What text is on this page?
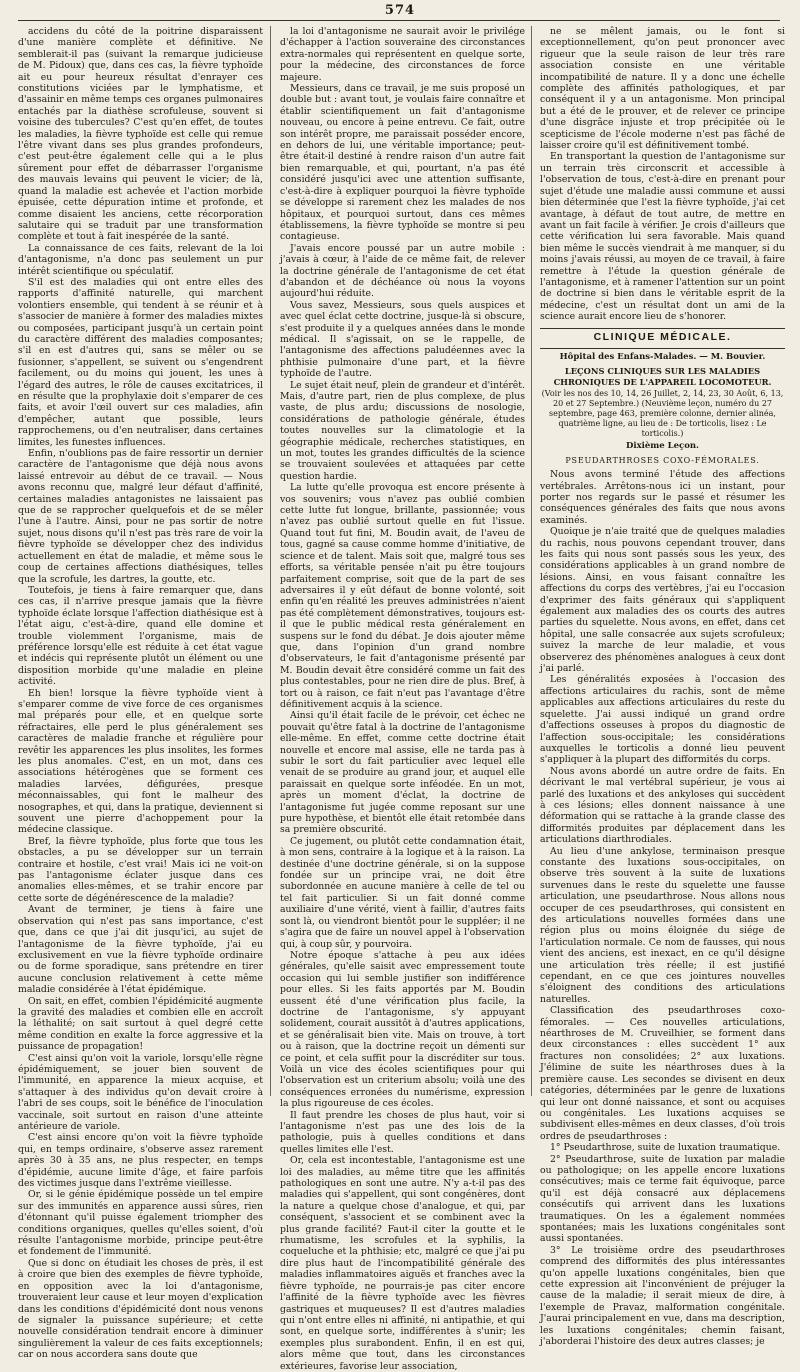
574

accidens du côté de la poitrine disparaissent d'une manière complète et définitive. Ne semblerait-il pas (suivant la remarque judicieuse de M. Pidoux) que, dans ces cas, la fièvre typhoïde ait eu pour heureux résultat d'enrayer ces constitutions viciées par le lymphatisme, et d'assainir en même temps ces organes pulmonaires entachés par la diathèse scrofuleuse, souvent si voisine des tubercules? C'est qu'en effet, de toutes les maladies, la fièvre typhoïde est celle qui remue l'être vivant dans ses plus grandes profondeurs, c'est peut-être également celle qui a le plus sûrement pour effet de débarrasser l'organisme des mauvais levains qui peuvent le vicier; de là, quand la maladie est achevée et l'action morbide épuisée, cette dépuration intime et profonde, et comme disaient les anciens, cette récorporation salutaire qui se traduit par une transformation complète et tout à fait inespérée de la santé.

La connaissance de ces faits, relevant de la loi d'antagonisme, n'a donc pas seulement un pur intérêt scientifique ou spéculatif.

S'il est des maladies qui ont entre elles des rapports d'affinité naturelle, qui marchent volontiers ensemble, qui tendent à se réunir et à s'associer de manière à former des maladies mixtes ou composées, participant jusqu'à un certain point du caractère différent des maladies composantes; s'il en est d'autres qui, sans se mêler ou se fusionner, s'appellent, se suivent ou s'engendrent facilement, ou du moins qui jouent, les unes à l'égard des autres, le rôle de causes excitatrices, il en résulte que la prophylaxie doit s'emparer de ces faits, et avoir l'œil ouvert sur ces maladies, afin d'empêcher, autant que possible, leurs rapprochemens, ou d'en neutraliser, dans certaines limites, les funestes influences.

Enfin, n'oublions pas de faire ressortir un dernier caractère de l'antagonisme que déjà nous avons laissé entrevoir au début de ce travail. — Nous avons reconnu que, malgré leur défaut d'affinité, certaines maladies antagonistes ne laissaient pas que de se rapprocher quelquefois et de se mêler l'une à l'autre. Ainsi, pour ne pas sortir de notre sujet, nous disons qu'il n'est pas très rare de voir la fièvre typhoïde se développer chez des individus actuellement en état de maladie, et même sous le coup de certaines affections diathésiques, telles que la scrofule, les dartres, la goutte, etc.

Toutefois, je tiens à faire remarquer que, dans ces cas, il n'arrive presque jamais que la fièvre typhoïde éclate lorsque l'affection diathésique est à l'état aigu, c'est-à-dire, quand elle domine et trouble violemment l'organisme, mais de préférence lorsqu'elle est réduite à cet état vague et indécis qui représente plutôt un élément ou une disposition morbide qu'une maladie en pleine activité.

Eh bien! lorsque la fièvre typhoïde vient à s'emparer comme de vive force de ces organismes mal préparés pour elle, et en quelque sorte réfractaires, elle perd le plus généralement ses caractères de maladie franche et régulière pour revêtir les apparences les plus insolites, les formes les plus anomales. C'est, en un mot, dans ces associations hétérogènes que se forment ces maladies larvées, défigurées, presque méconnaissables, qui font le malheur des nosographes, et qui, dans la pratique, deviennent si souvent une pierre d'achoppement pour la médecine classique.

Bref, la fièvre typhoïde, plus forte que tous les obstacles, a pu se développer sur un terrain contraire et hostile, c'est vrai! Mais ici ne voit-on pas l'antagonisme éclater jusque dans ces anomalies elles-mêmes, et se trahir encore par cette sorte de dégénérescence de la maladie?

Avant de terminer, je tiens à faire une observation qui n'est pas sans importance, c'est que, dans ce que j'ai dit jusqu'ici, au sujet de l'antagonisme de la fièvre typhoïde, j'ai eu exclusivement en vue la fièvre typhoïde ordinaire ou de forme sporadique, sans prétendre en tirer aucune conclusion relativement à cette même maladie considérée à l'état épidémique.

On sait, en effet, combien l'épidémicité augmente la gravité des maladies et combien elle en accroît la léthalité; on sait surtout à quel degré cette même condition en exalte la force aggressive et la puissance de propagation!

C'est ainsi qu'on voit la variole, lorsqu'elle règne épidémiquement, se jouer bien souvent de l'immunité, en apparence la mieux acquise, et s'attaquer à des individus qu'on devait croire à l'abri de ses coups, soit le bénéfice de l'inoculation vaccinale, soit surtout en raison d'une atteinte antérieure de variole.

C'est ainsi encore qu'on voit la fièvre typhoïde qui, en temps ordinaire, s'observe assez rarement après 30 à 35 ans, ne plus respecter, en temps d'épidémie, aucune limite d'âge, et faire parfois des victimes jusque dans l'extrême vieillesse.

Or, si le génie épidémique possède un tel empire sur des immunités en apparence aussi sûres, rien d'étonnant qu'il puisse également triompher des conditions organiques, quelles qu'elles soient, d'où résulte l'antagonisme morbide, principe peut-être et fondement de l'immunité.

Que si donc on étudiait les choses de près, il est à croire que bien des exemples de fièvre typhoïde, en opposition avec la loi d'antagonisme, trouveraient leur cause et leur moyen d'explication dans les conditions d'épidémicité dont nous venons de signaler la puissance supérieure; et cette nouvelle considération tendrait encore à diminuer singulièrement la valeur de ces faits exceptionnels; car on nous accordera sans doute que

la loi d'antagonisme ne saurait avoir le privilége d'échapper à l'action souveraine des circonstances extra-normales qui représentent en quelque sorte, pour la médecine, des circonstances de force majeure.

Messieurs, dans ce travail, je me suis proposé un double but : avant tout, je voulais faire connaître et établir scientifiquement un fait d'antagonisme nouveau, ou encore à peine entrevu. Ce fait, outre son intérêt propre, me paraissait posséder encore, en dehors de lui, une véritable importance; peut-être était-il destiné à rendre raison d'un autre fait bien remarquable, et qui, pourtant, n'a pas été considéré jusqu'ici avec une attention suffisante, c'est-à-dire à expliquer pourquoi la fièvre typhoïde se développe si rarement chez les malades de nos hôpitaux, et pourquoi surtout, dans ces mêmes établissemens, la fièvre typhoïde se montre si peu contagieuse.

J'avais encore poussé par un autre mobile : j'avais à cœur, à l'aide de ce même fait, de relever la doctrine générale de l'antagonisme de cet état d'abandon et de déchéance où nous la voyons aujourd'hui réduite.

Vous savez, Messieurs, sous quels auspices et avec quel éclat cette doctrine, jusque-là si obscure, s'est produite il y a quelques années dans le monde médical. Il s'agissait, on se le rappelle, de l'antagonisme des affections paludéennes avec la phthisie pulmonaire d'une part, et la fièvre typhoïde de l'autre.

Le sujet était neuf, plein de grandeur et d'intérêt. Mais, d'autre part, rien de plus complexe, de plus vaste, de plus ardu; discussions de nosologie, considérations de pathologie générale, études toutes nouvelles sur la climatologie et la géographie médicale, recherches statistiques, en un mot, toutes les grandes difficultés de la science se trouvaient soulevées et attaquées par cette question hardie.

La lutte qu'elle provoqua est encore présente à vos souvenirs; vous n'avez pas oublié combien cette lutte fut longue, brillante, passionnée; vous n'avez pas oublié surtout quelle en fut l'issue. Quand tout fut fini, M. Boudin avait, de l'aveu de tous, gagné sa cause comme homme d'initiative, de science et de talent. Mais soit que, malgré tous ses efforts, sa véritable pensée n'ait pu être toujours parfaitement comprise, soit que de la part de ses adversaires il y eût défaut de bonne volonté, soit enfin qu'en réalité les preuves administrées n'aient pas été complètement démonstratives, toujours est-il que le public médical resta généralement en suspens sur le fond du débat. Je dois ajouter même que, dans l'opinion d'un grand nombre d'observateurs, le fait d'antagonisme présenté par M. Boudin devait être considéré comme un fait des plus contestables, pour ne rien dire de plus. Bref, à tort ou à raison, ce fait n'eut pas l'avantage d'être définitivement acquis à la science.

Ainsi qu'il était facile de le prévoir, cet échec ne pouvait qu'être fatal à la doctrine de l'antagonisme elle-même. En effet, comme cette doctrine était nouvelle et encore mal assise, elle ne tarda pas à subir le sort du fait particulier avec lequel elle venait de se produire au grand jour, et auquel elle paraissait en quelque sorte inféodée. En un mot, après un moment d'éclat, la doctrine de l'antagonisme fut jugée comme reposant sur une pure hypothèse, et bientôt elle était retombée dans sa première obscurité.

Ce jugement, ou plutôt cette condamnation était, à mon sens, contraire à la logique et à la raison. La destinée d'une doctrine générale, si on la suppose fondée sur un principe vrai, ne doit être subordonnée en aucune manière à celle de tel ou tel fait particulier. Si un fait donné comme auxiliaire d'une vérité, vient à faillir, d'autres faits sont là, ou viendront bientôt pour le suppléer; il ne s'agira que de faire un nouvel appel à l'observation qui, à coup sûr, y pourvoira.

Notre époque s'attache à peu aux idées générales, qu'elle saisit avec empressement toute occasion qui lui semble justifier son indifférence pour elles. Si les faits apportés par M. Boudin eussent été d'une vérification plus facile, la doctrine de l'antagonisme, s'y appuyant solidement, courait aussitôt à d'autres applications, et se généralisait bien vite. Mais on trouve, à tort ou à raison, que la doctrine reçoit un démenti sur ce point, et cela suffit pour la discréditer sur tous. Voilà un vice des écoles scientifiques pour qui l'observation est un criterium absolu; voilà une des conséquences erronées du numérisme, expression la plus rigoureuse de ces écoles.

Il faut prendre les choses de plus haut, voir si l'antagonisme n'est pas une des lois de la pathologie, puis à quelles conditions et dans quelles limites elle l'est.

Or, cela est incontestable, l'antagonisme est une loi des maladies, au même titre que les affinités pathologiques en sont une autre. N'y a-t-il pas des maladies qui s'appellent, qui sont congénères, dont la nature a quelque chose d'analogue, et qui, par conséquent, s'associent et se combinent avec la plus grande facilité? Faut-il citer la goutte et le rhumatisme, les scrofules et la syphilis, la coqueluche et la phthisie; etc, malgré ce que j'ai pu dire plus haut de l'incompatibilité générale des maladies inflammatoires aiguës et franches avec la fièvre typhoïde, ne pourrais-je pas citer encore l'affinité de la fièvre typhoïde avec les fièvres gastriques et muqueuses? Il est d'autres maladies qui n'ont entre elles ni affinité, ni antipathie, et qui sont, en quelque sorte, indifférentes à s'unir; les exemples plus surabondent. Enfin, il en est qui, alors même que tout, dans les circonstances extérieures, favorise leur association,

ne se mêlent jamais, ou le font si exceptionnellement, qu'on peut prononcer avec rigueur que la seule raison de leur très rare association consiste en une véritable incompatibilité de nature. Il y a donc une échelle complète des affinités pathologiques, et par conséquent il y a un antagonisme. Mon principal but a été de le prouver, et de relever ce principe d'une disgrâce injuste et trop précipitée où le scepticisme de l'école moderne n'est pas fâché de laisser croire qu'il est définitivement tombé.

En transportant la question de l'antagonisme sur un terrain très circonscrit et accessible à l'observation de tous, c'est-à-dire en prenant pour sujet d'étude une maladie aussi commune et aussi bien déterminée que l'est la fièvre typhoïde, j'ai cet avantage, à défaut de tout autre, de mettre en avant un fait facile à vérifier. Je crois d'ailleurs que cette vérification lui sera favorable. Mais quand bien même le succès viendrait à me manquer, si du moins j'avais réussi, au moyen de ce travail, à faire remettre à l'étude la question générale de l'antagonisme, et à ramener l'attention sur un point de doctrine si bien dans le véritable esprit de la médecine, c'est un résultat dont un ami de la science aurait encore lieu de s'honorer.

CLINIQUE MÉDICALE.
Hôpital des Enfans-Malades. — M. Bouvier.
LEÇONS CLINIQUES SUR LES MALADIES CHRONIQUES DE L'APPAREIL LOCOMOTEUR.
(Voir les nos des 10, 14, 26 Juillet, 2, 14, 23, 30 Août, 6, 13, 20 et 27 Septembre.) (Neuvième leçon, numéro du 27 septembre, page 463, première colonne, dernier alinéa, quatrième ligne, au lieu de : De torticolis, lisez : Le torticolis.)
Dixième Leçon.
PSEUDARTHROSES COXO-FÉMORALES.

Nous avons terminé l'étude des affections vertébrales. Arrêtons-nous ici un instant, pour porter nos regards sur le passé et résumer les conséquences générales des faits que nous avons examinés.

Quoique je n'aie traité que de quelques maladies du rachis, nous pouvons cependant trouver, dans les faits qui nous sont passés sous les yeux, des considérations applicables à un grand nombre de lésions. Ainsi, en vous faisant connaître les affections du corps des vertèbres, j'ai eu l'occasion d'exprimer des faits généraux qui s'appliquent également aux maladies des os courts des autres parties du squelette. Nous avons, en effet, dans cet hôpital, une salle consacrée aux sujets scrofuleux; suivez la marche de leur maladie, et vous observerez des phénomènes analogues à ceux dont j'ai parlé.

Les généralités exposées à l'occasion des affections articulaires du rachis, sont de même applicables aux affections articulaires du reste du squelette. J'ai aussi indiqué un grand ordre d'affections osseuses à propos du diagnostic de l'affection sous-occipitale; les considérations auxquelles le torticolis a donné lieu peuvent s'appliquer à la plupart des difformités du corps.

Nous avons abordé un autre ordre de faits. En décrivant le mal vertébral supérieur, je vous ai parlé des luxations et des ankyloses qui succèdent à ces lésions; elles donnent naissance à une déformation qui se rattache à la grande classe des difformités produites par déplacement dans les articulations diarthrodiales.

Au lieu d'une ankylose, terminaison presque constante des luxations sous-occipitales, on observe très souvent à la suite de luxations survenues dans le reste du squelette une fausse articulation, une pseudarthrose. Nous allons nous occuper de ces pseudarthroses, qui consistent en des articulations nouvelles formées dans une région plus ou moins éloignée du siége de l'articulation normale. Ce nom de fausses, qui nous vient des anciens, est inexact, en ce qu'il désigne une articulation très réelle; il est justifié cependant, en ce que ces jointures nouvelles s'éloignent des conditions des articulations naturelles.

Classification des pseudarthroses coxo-fémorales. — Ces nouvelles articulations, néarthroses de M. Cruveilhier, se forment dans deux circonstances : elles succèdent 1° aux fractures non consolidées; 2° aux luxations. J'élimine de suite les néarthroses dues à la première cause. Les secondes se divisent en deux catégories, déterminées par le genre de luxations qui leur ont donné naissance, et sont ou acquises ou congénitales. Les luxations acquises se subdivisent elles-mêmes en deux classes, d'où trois ordres de pseudarthroses :

1° Pseudarthrose, suite de luxation traumatique.

2° Pseudarthrose, suite de luxation par maladie ou pathologique; on les appelle encore luxations consécutives; mais ce terme fait équivoque, parce qu'il est déjà consacré aux déplacemens consécutifs qui arrivent dans les luxations traumatiques. On les a également nommées spontanées; mais les luxations congénitales sont aussi spontanées.

3° Le troisième ordre des pseudarthroses comprend des difformités des plus intéressantes qu'on appelle luxations congénitales, bien que cette expression ait l'inconvénient de préjuger la cause de la maladie; il serait mieux de dire, à l'exemple de Pravaz, malformation congénitale. J'aurai principalement en vue, dans ma description, les luxations congénitales; chemin faisant, j'aborderai l'histoire des deux autres classes; je
